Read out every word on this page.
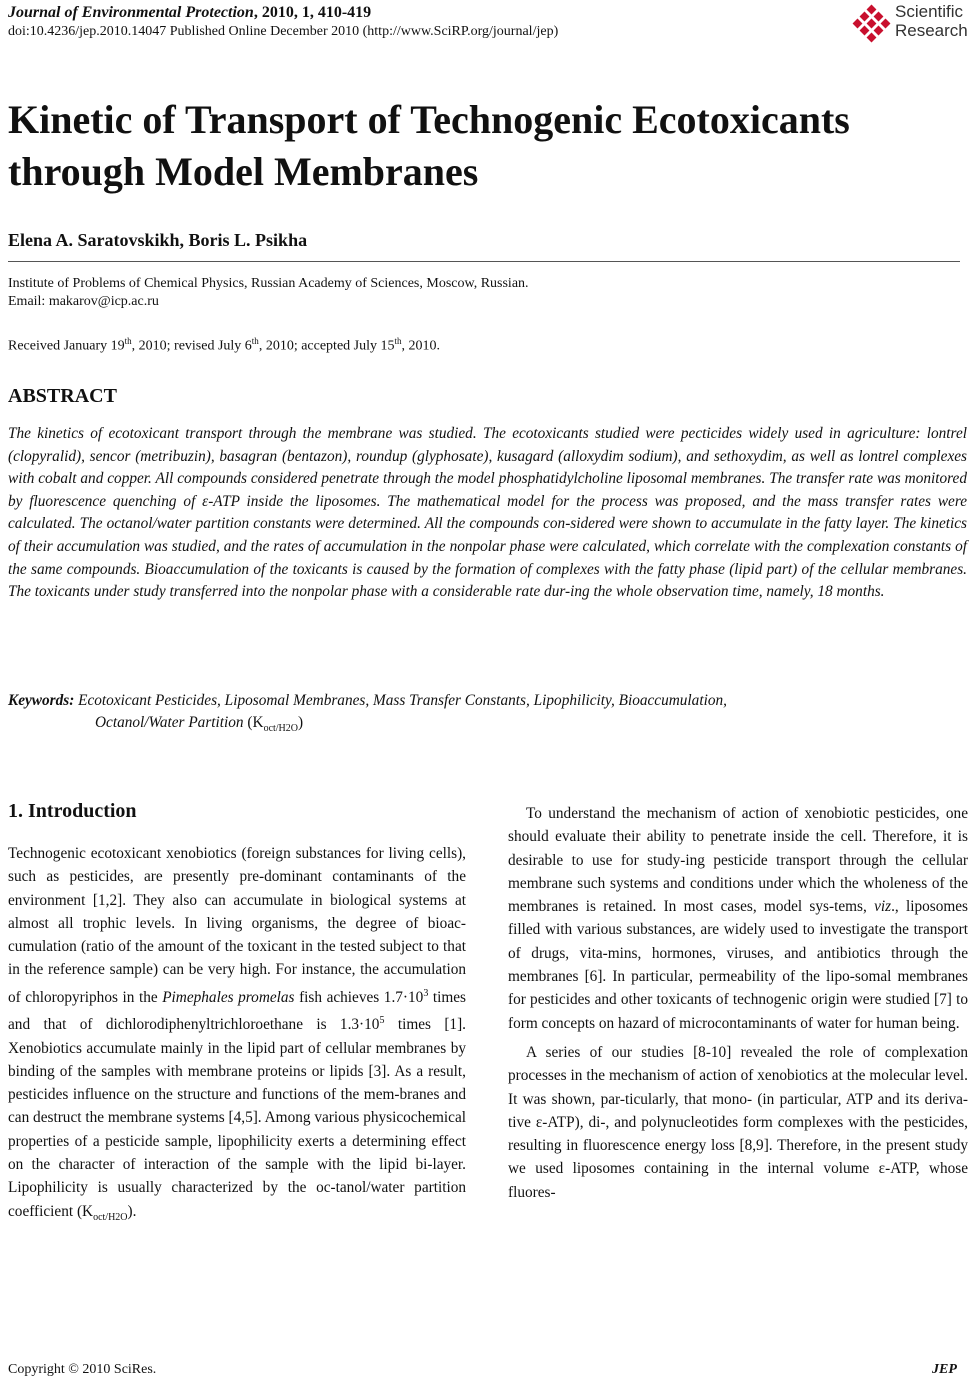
Journal of Environmental Protection, 2010, 1, 410-419
doi:10.4236/jep.2010.14047 Published Online December 2010 (http://www.SciRP.org/journal/jep)
Scientific
Research
Kinetic of Transport of Technogenic Ecotoxicants
through Model Membranes
Elena A. Saratovskikh, Boris L. Psikha
Institute of Problems of Chemical Physics, Russian Academy of Sciences, Moscow, Russian.
Email: makarov@icp.ac.ru
Received January 19th, 2010; revised July 6th, 2010; accepted July 15th, 2010.
ABSTRACT

The kinetics of ecotoxicant transport through the membrane was studied. The ecotoxicants studied were pecticides widely used in agriculture: lontrel (clopyralid), sencor (metribuzin), basagran (bentazon), roundup (glyphosate), kusagard (alloxydim sodium), and sethoxydim, as well as lontrel complexes with cobalt and copper. All compounds considered penetrate through the model phosphatidylcholine liposomal membranes. The transfer rate was monitored by fluorescence quenching of ε-ATP inside the liposomes. The mathematical model for the process was proposed, and the mass transfer rates were calculated. The octanol/water partition constants were determined. All the compounds con-sidered were shown to accumulate in the fatty layer. The kinetics of their accumulation was studied, and the rates of accumulation in the nonpolar phase were calculated, which correlate with the complexation constants of the same compounds. Bioaccumulation of the toxicants is caused by the formation of complexes with the fatty phase (lipid part) of the cellular membranes. The toxicants under study transferred into the nonpolar phase with a considerable rate dur-ing the whole observation time, namely, 18 months.

Keywords: Ecotoxicant Pesticides, Liposomal Membranes, Mass Transfer Constants, Lipophilicity, Bioaccumulation,
Octanol/Water Partition $(K_{oct/H2O})$
1. Introduction

Technogenic ecotoxicant xenobiotics (foreign substances for living cells), such as pesticides, are presently pre-dominant contaminants of the environment [1,2]. They also can accumulate in biological systems at almost all trophic levels. In living organisms, the degree of bioac-cumulation (ratio of the amount of the toxicant in the tested subject to that in the reference sample) can be very high. For instance, the accumulation of chloropyriphos in the Pimephales promelas fish achieves $1.7\cdot 10^3$ times and that of dichlorodiphenyltrichloroethane is $1.3\cdot 10^5$ times [1]. Xenobiotics accumulate mainly in the lipid part of cellular membranes by binding of the samples with membrane proteins or lipids [3]. As a result, pesticides influence on the structure and functions of the mem-branes and can destruct the membrane systems [4,5]. Among various physicochemical properties of a pesticide sample, lipophilicity exerts a determining effect on the character of interaction of the sample with the lipid bi-layer. Lipophilicity is usually characterized by the oc-tanol/water partition coefficient $(K_{oct/H2O})$.

To understand the mechanism of action of xenobiotic pesticides, one should evaluate their ability to penetrate inside the cell. Therefore, it is desirable to use for study-ing pesticide transport through the cellular membrane such systems and conditions under which the wholeness of the membranes is retained. In most cases, model sys-tems, viz., liposomes filled with various substances, are widely used to investigate the transport of drugs, vita-mins, hormones, viruses, and antibiotics through the membranes [6]. In particular, permeability of the lipo-somal membranes for pesticides and other toxicants of technogenic origin were studied [7] to form concepts on hazard of microcontaminants of water for human being.

A series of our studies [8-10] revealed the role of complexation processes in the mechanism of action of xenobiotics at the molecular level. It was shown, par-ticularly, that mono- (in particular, ATP and its deriva-tive ε-ATP), di-, and polynucleotides form complexes with the pesticides, resulting in fluorescence energy loss [8,9]. Therefore, in the present study we used liposomes containing in the internal volume ε-ATP, whose fluores-

Copyright © 2010 SciRes.	JEP
